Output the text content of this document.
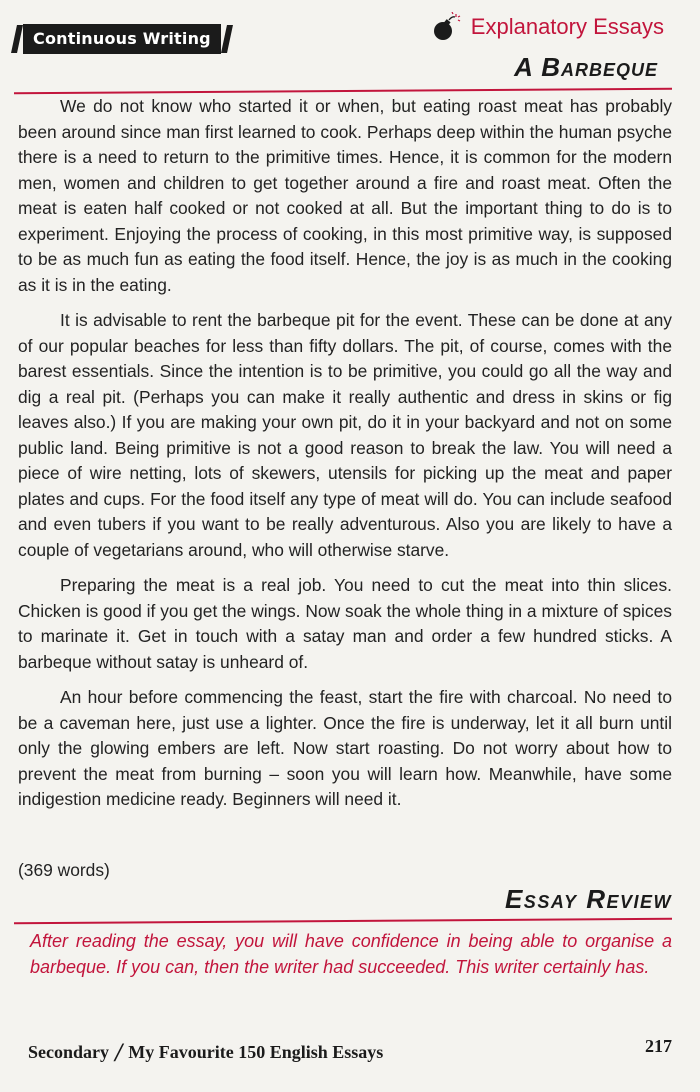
Continuous Writing	Explanatory Essays
A Barbeque

We do not know who started it or when, but eating roast meat has probably been around since man first learned to cook. Perhaps deep within the human psyche there is a need to return to the primitive times. Hence, it is common for the modern men, women and children to get together around a fire and roast meat. Often the meat is eaten half cooked or not cooked at all. But the important thing to do is to experiment. Enjoying the process of cooking, in this most primitive way, is supposed to be as much fun as eating the food itself. Hence, the joy is as much in the cooking as it is in the eating.

It is advisable to rent the barbeque pit for the event. These can be done at any of our popular beaches for less than fifty dollars. The pit, of course, comes with the barest essentials. Since the intention is to be primitive, you could go all the way and dig a real pit. (Perhaps you can make it really authentic and dress in skins or fig leaves also.) If you are making your own pit, do it in your backyard and not on some public land. Being primitive is not a good reason to break the law. You will need a piece of wire netting, lots of skewers, utensils for picking up the meat and paper plates and cups. For the food itself any type of meat will do. You can include seafood and even tubers if you want to be really adventurous. Also you are likely to have a couple of vegetarians around, who will otherwise starve.

Preparing the meat is a real job. You need to cut the meat into thin slices. Chicken is good if you get the wings. Now soak the whole thing in a mixture of spices to marinate it. Get in touch with a satay man and order a few hundred sticks. A barbeque without satay is unheard of.

An hour before commencing the feast, start the fire with charcoal. No need to be a caveman here, just use a lighter. Once the fire is underway, let it all burn until only the glowing embers are left. Now start roasting. Do not worry about how to prevent the meat from burning – soon you will learn how. Meanwhile, have some indigestion medicine ready. Beginners will need it.

(369 words)
Essay Review
After reading the essay, you will have confidence in being able to organise a barbeque. If you can, then the writer had succeeded. This writer certainly has.
Secondary / My Favourite 150 English Essays	217
